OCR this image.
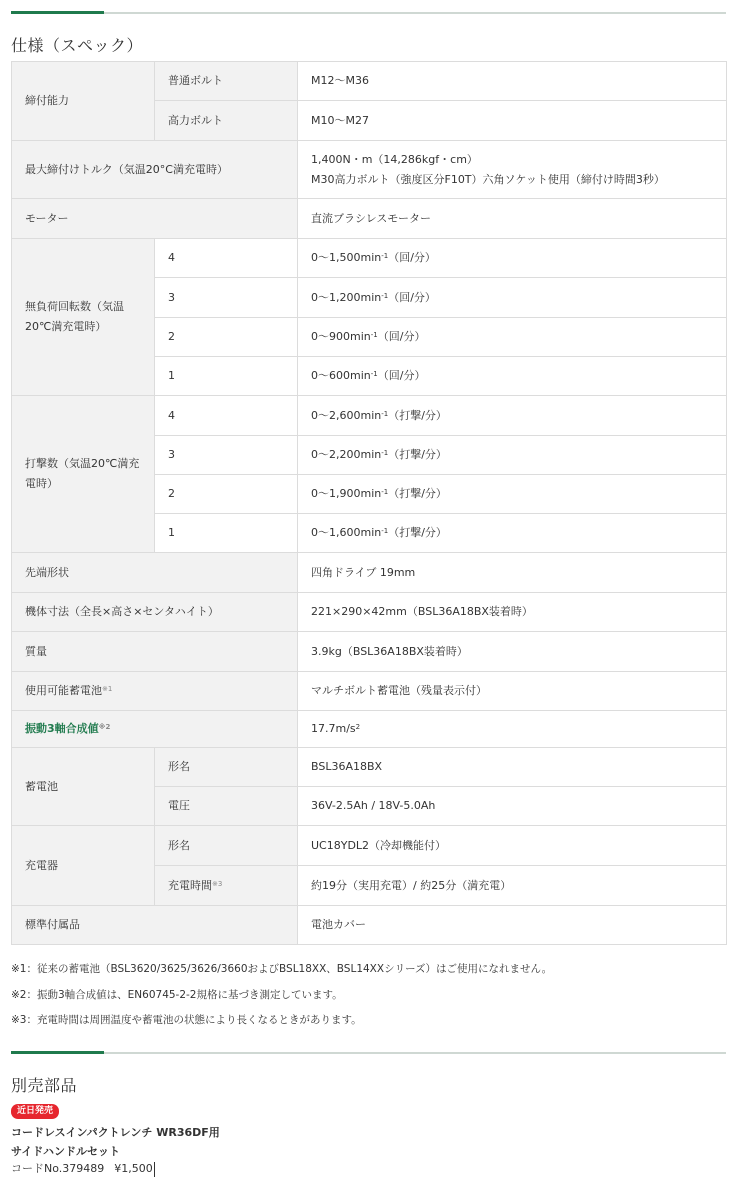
仕様（スペック）
締付能力	普通ボルト	M12～M36
	高力ボルト	M10～M27
最大締付けトルク（気温20°C満充電時）		1,400N・m（14,286kgf・cm）
M30高力ボルト（強度区分F10T）六角ソケット使用（締付け時間3秒）

モーター		直流ブラシレスモーター
無負荷回転数（気温20℃満充電時）	4	$0\sim 1,500\min^{-1}$（回/分）
	3	$0\sim 1,200\min^{-1}$（回/分）
	2	$0\sim 900\min^{-1}$（回/分）
	1	$0\sim 600\min^{-1}$（回/分）
打撃数（気温20℃満充電時）	4	$0\sim 2,600\min^{-1}$（打撃/分）
	3	$0\sim 2,200\min^{-1}$（打撃/分）
	2	$0\sim 1,900\min^{-1}$（打撃/分）
	1	$0\sim 1,600\min^{-1}$（打撃/分）
先端形状		四角ドライブ 19mm
機体寸法（全長×高さ×センタハイト）		221×290×42mm（BSL36A18BX装着時）
質量		3.9kg（BSL36A18BX装着時）
使用可能蓄電池$^{※1}$		マルチボルト蓄電池（残量表示付）
振動3軸合成値$^{※2}$		$17.7m/s^2$
蓄電池	形名	BSL36A18BX
	電圧	36V-2.5Ah / 18V-5.0Ah
充電器	形名	UC18YDL2（冷却機能付）
	充電時間$^{※3}$	約19分（実用充電）/ 約25分（満充電）
標準付属品		電池カバー

※1：従来の蓄電池（BSL3620/3625/3626/3660およびBSL18XX、BSL14XXシリーズ）はご使用になれません。

※2：振動3軸合成値は、EN60745-2-2規格に基づき測定しています。

※3：充電時間は周囲温度や蓄電池の状態により長くなるときがあります。

別売部品
近日発売
コードレスインパクトレンチ WR36DF用
サイドハンドルセット
コードNo.379489 ¥1,500
